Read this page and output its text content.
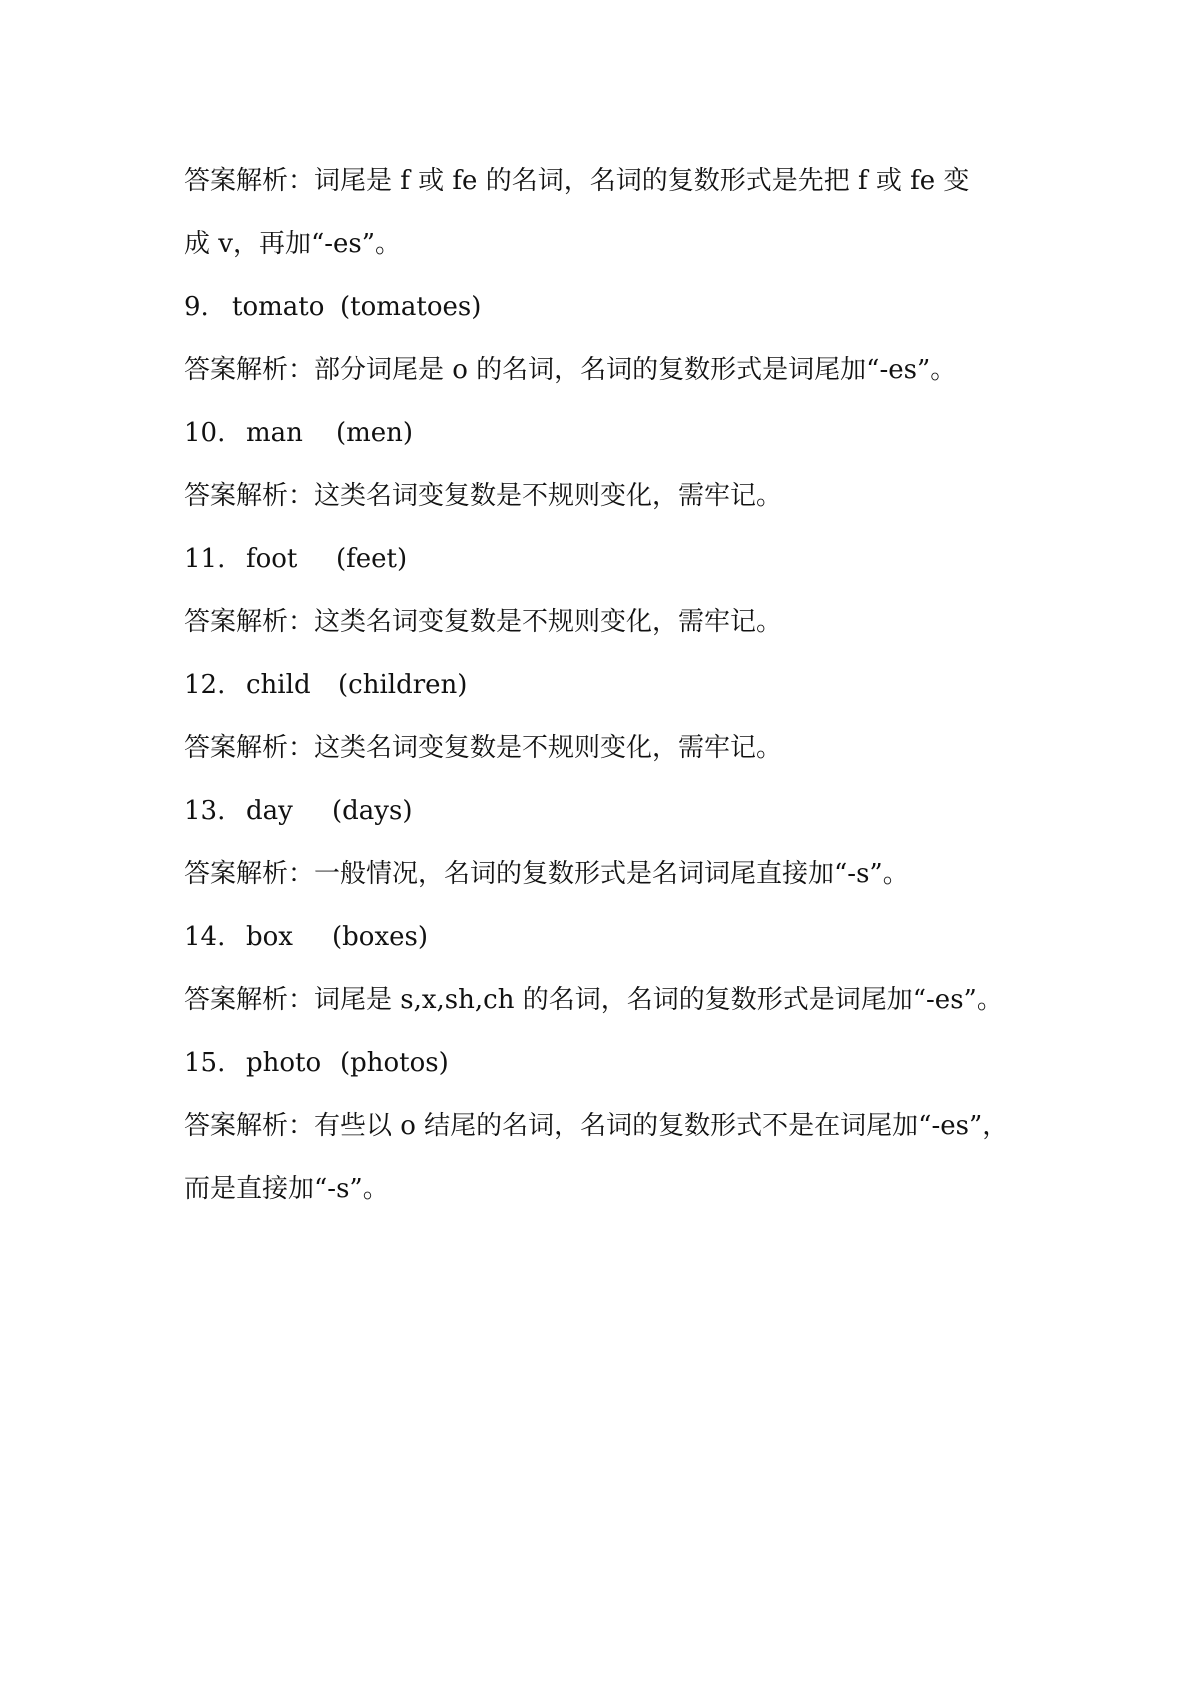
答案解析：词尾是 f 或 fe 的名词，名词的复数形式是先把 f 或 fe 变
成 v，再加“-es”。
9. tomato (tomatoes)
答案解析：部分词尾是 o 的名词，名词的复数形式是词尾加“-es”。
10. man (men)
答案解析：这类名词变复数是不规则变化，需牢记。
11. foot (feet)
答案解析：这类名词变复数是不规则变化，需牢记。
12. child (children)
答案解析：这类名词变复数是不规则变化，需牢记。
13. day (days)
答案解析：一般情况，名词的复数形式是名词词尾直接加“-s”。
14. box (boxes)
答案解析：词尾是 s,x,sh,ch 的名词，名词的复数形式是词尾加“-es”。
15. photo (photos)
答案解析：有些以 o 结尾的名词，名词的复数形式不是在词尾加“-es”，
而是直接加“-s”。
